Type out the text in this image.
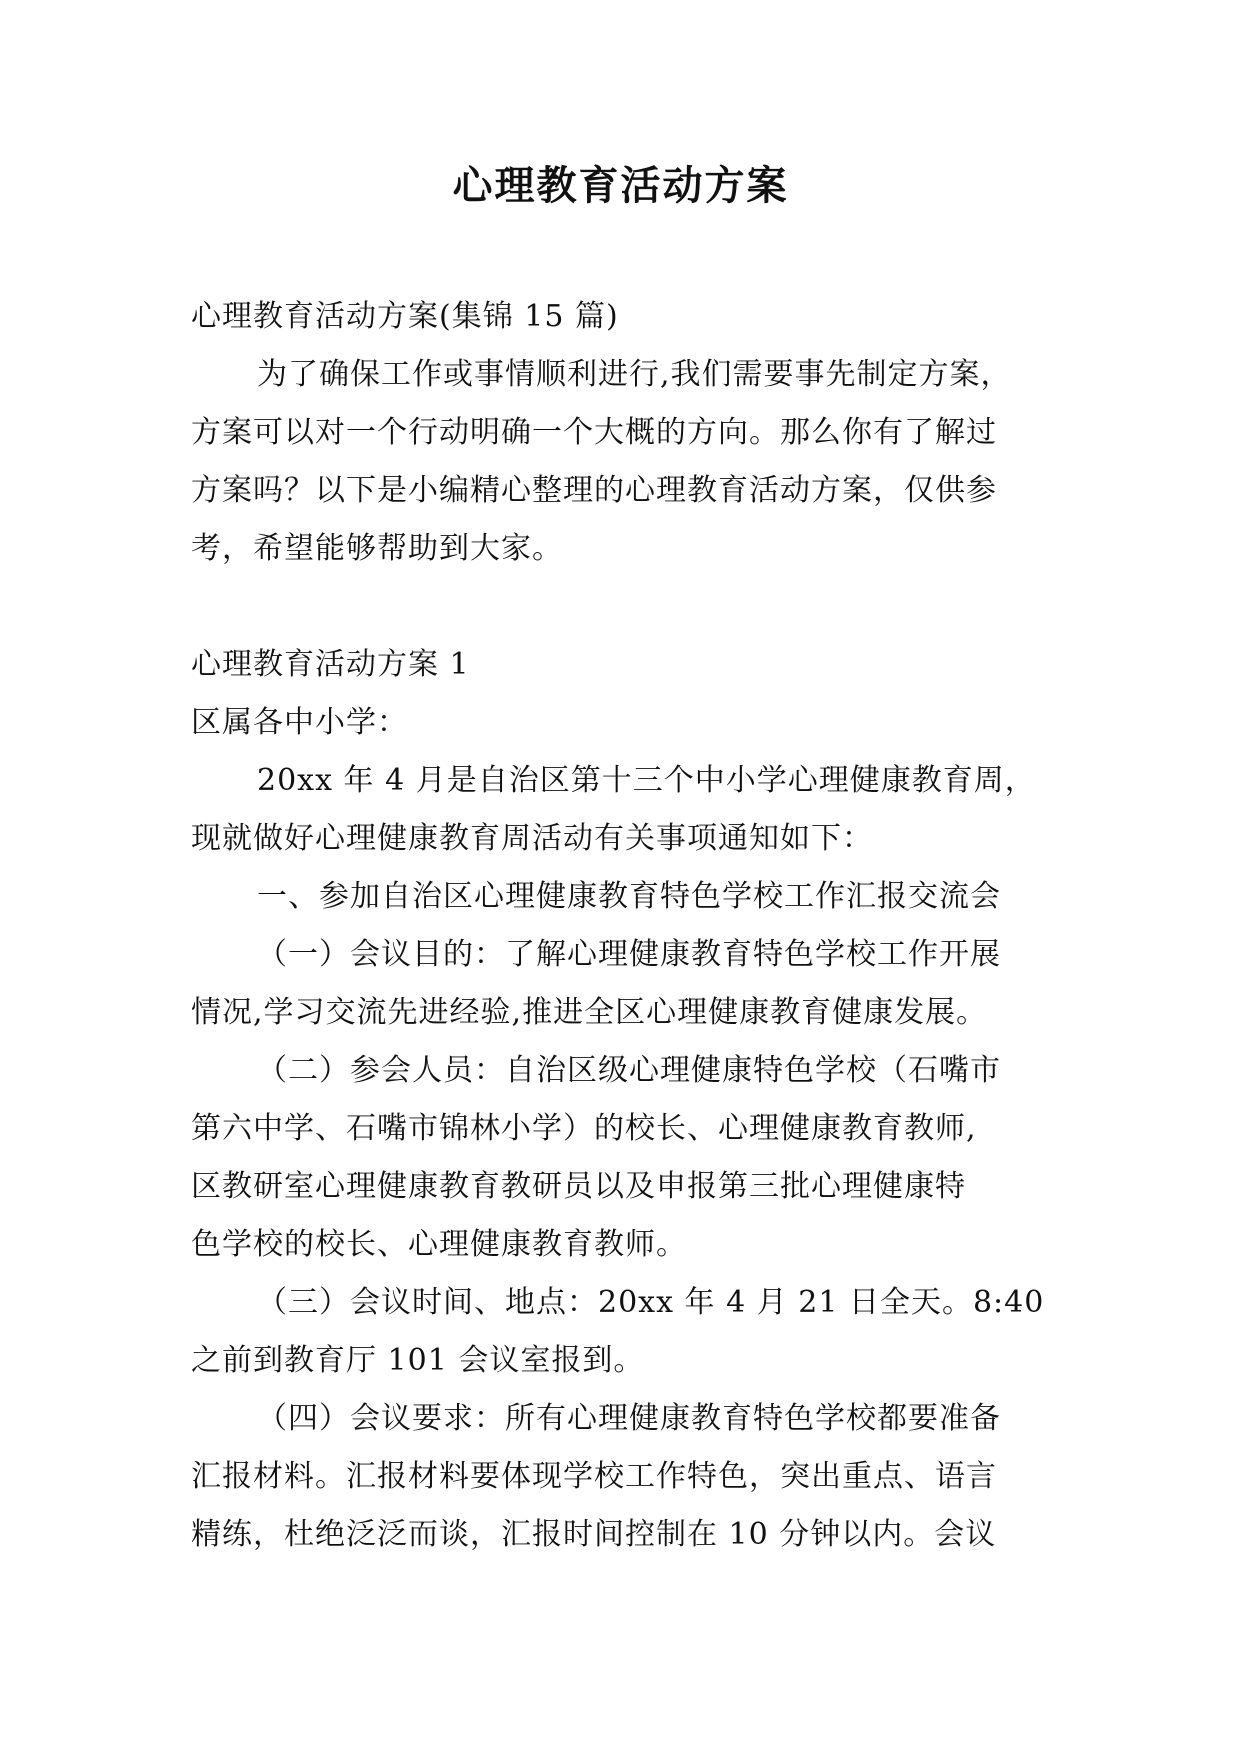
心理教育活动方案
心理教育活动方案(集锦 15 篇)
为了确保工作或事情顺利进行,我们需要事先制定方案，
方案可以对一个行动明确一个大概的方向。那么你有了解过
方案吗？以下是小编精心整理的心理教育活动方案，仅供参
考，希望能够帮助到大家。
心理教育活动方案 1
区属各中小学：
20xx 年 4 月是自治区第十三个中小学心理健康教育周，
现就做好心理健康教育周活动有关事项通知如下：
一、参加自治区心理健康教育特色学校工作汇报交流会
（一）会议目的：了解心理健康教育特色学校工作开展
情况,学习交流先进经验,推进全区心理健康教育健康发展。
（二）参会人员：自治区级心理健康特色学校（石嘴市
第六中学、石嘴市锦林小学）的校长、心理健康教育教师,
区教研室心理健康教育教研员以及申报第三批心理健康特
色学校的校长、心理健康教育教师。
（三）会议时间、地点：20xx 年 4 月 21 日全天。8:40
之前到教育厅 101 会议室报到。
（四）会议要求：所有心理健康教育特色学校都要准备
汇报材料。汇报材料要体现学校工作特色，突出重点、语言
精练，杜绝泛泛而谈，汇报时间控制在 10 分钟以内。会议
